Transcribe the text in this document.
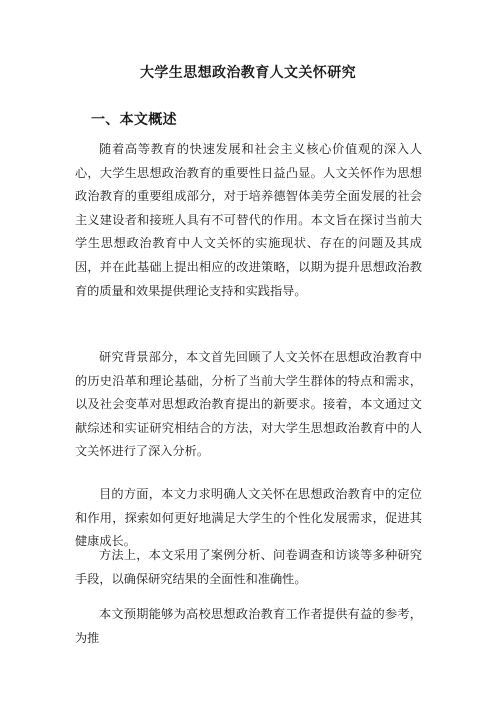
大学生思想政治教育人文关怀研究
一、本文概述

随着高等教育的快速发展和社会主义核心价值观的深入人心，大学生思想政治教育的重要性日益凸显。人文关怀作为思想政治教育的重要组成部分，对于培养德智体美劳全面发展的社会主义建设者和接班人具有不可替代的作用。本文旨在探讨当前大学生思想政治教育中人文关怀的实施现状、存在的问题及其成因，并在此基础上提出相应的改进策略，以期为提升思想政治教育的质量和效果提供理论支持和实践指导。

研究背景部分，本文首先回顾了人文关怀在思想政治教育中的历史沿革和理论基础，分析了当前大学生群体的特点和需求，以及社会变革对思想政治教育提出的新要求。接着，本文通过文献综述和实证研究相结合的方法，对大学生思想政治教育中的人文关怀进行了深入分析。

目的方面，本文力求明确人文关怀在思想政治教育中的定位和作用，探索如何更好地满足大学生的个性化发展需求，促进其健康成长。

方法上，本文采用了案例分析、问卷调查和访谈等多种研究手段，以确保研究结果的全面性和准确性。

本文预期能够为高校思想政治教育工作者提供有益的参考，为推
